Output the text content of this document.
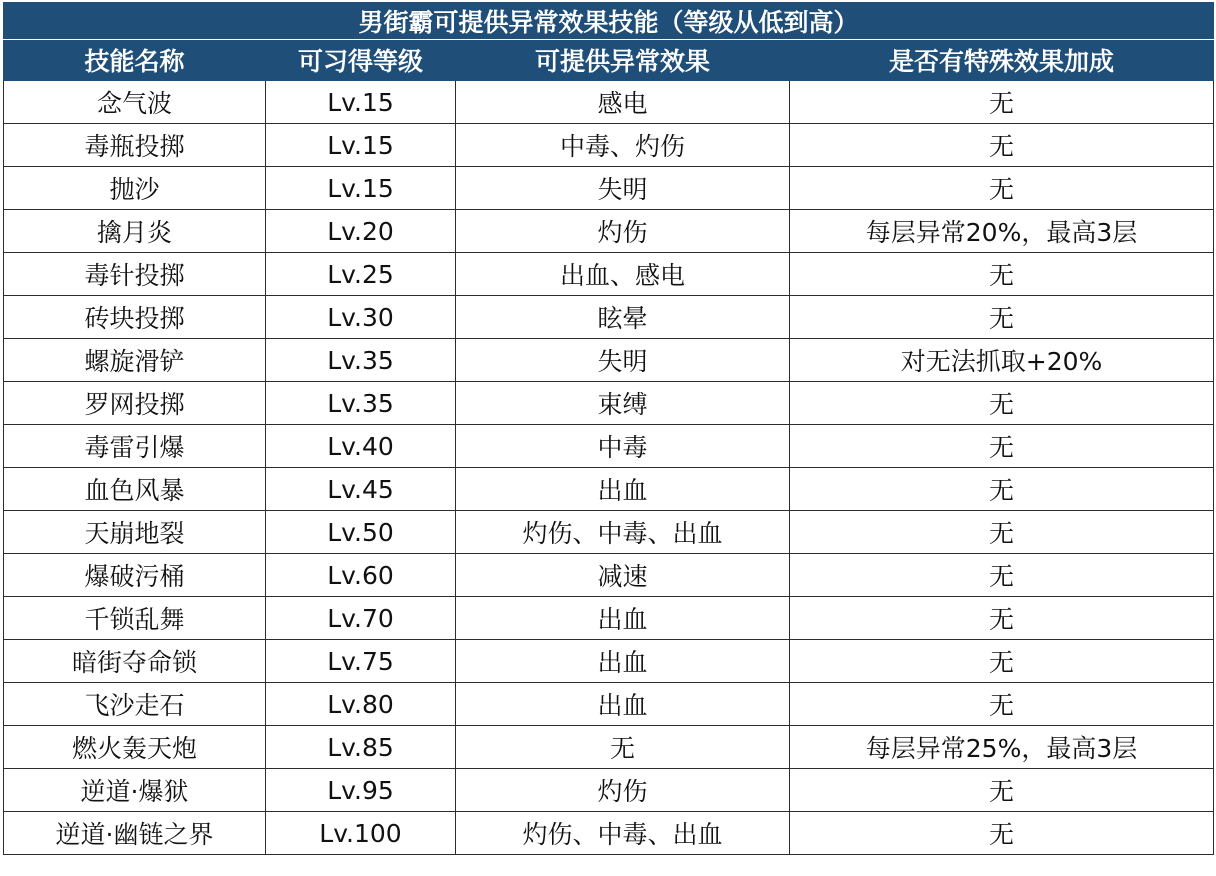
男街霸可提供异常效果技能（等级从低到高）			
技能名称	可习得等级	可提供异常效果	是否有特殊效果加成
念气波	Lv.15	感电	无
毒瓶投掷	Lv.15	中毒、灼伤	无
抛沙	Lv.15	失明	无
擒月炎	Lv.20	灼伤	每层异常20%，最高3层
毒针投掷	Lv.25	出血、感电	无
砖块投掷	Lv.30	眩晕	无
螺旋滑铲	Lv.35	失明	对无法抓取+20%
罗网投掷	Lv.35	束缚	无
毒雷引爆	Lv.40	中毒	无
血色风暴	Lv.45	出血	无
天崩地裂	Lv.50	灼伤、中毒、出血	无
爆破污桶	Lv.60	减速	无
千锁乱舞	Lv.70	出血	无
暗街夺命锁	Lv.75	出血	无
飞沙走石	Lv.80	出血	无
燃火轰天炮	Lv.85	无	每层异常25%，最高3层
逆道·爆狱	Lv.95	灼伤	无
逆道·幽链之界	Lv.100	灼伤、中毒、出血	无
